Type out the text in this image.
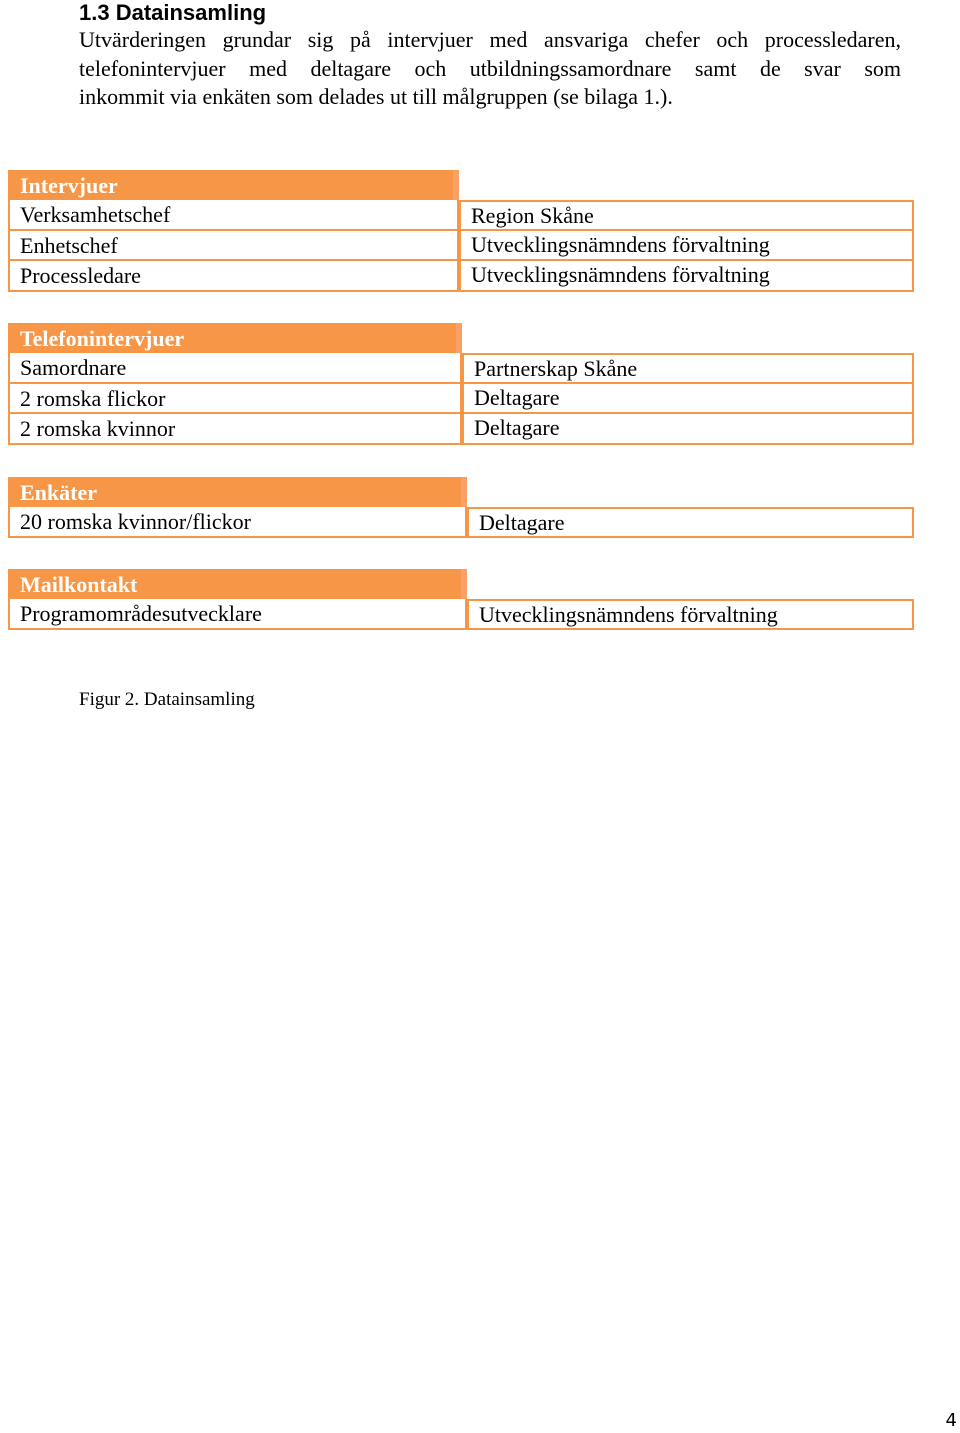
1.3 Datainsamling
Utvärderingen grundar sig på intervjuer med ansvariga chefer och processledaren,
telefonintervjuer med deltagare och utbildningssamordnare samt de svar som
inkommit via enkäten som delades ut till målgruppen (se bilaga 1.).
Intervjuer
Verksamhetschef	Region Skåne
Enhetschef	Utvecklingsnämndens förvaltning
Processledare	Utvecklingsnämndens förvaltning
Telefonintervjuer
Samordnare	Partnerskap Skåne
2 romska flickor	Deltagare
2 romska kvinnor	Deltagare
Enkäter
20 romska kvinnor/flickor	Deltagare
Mailkontakt
Programområdesutvecklare	Utvecklingsnämndens förvaltning
Figur 2. Datainsamling
4
